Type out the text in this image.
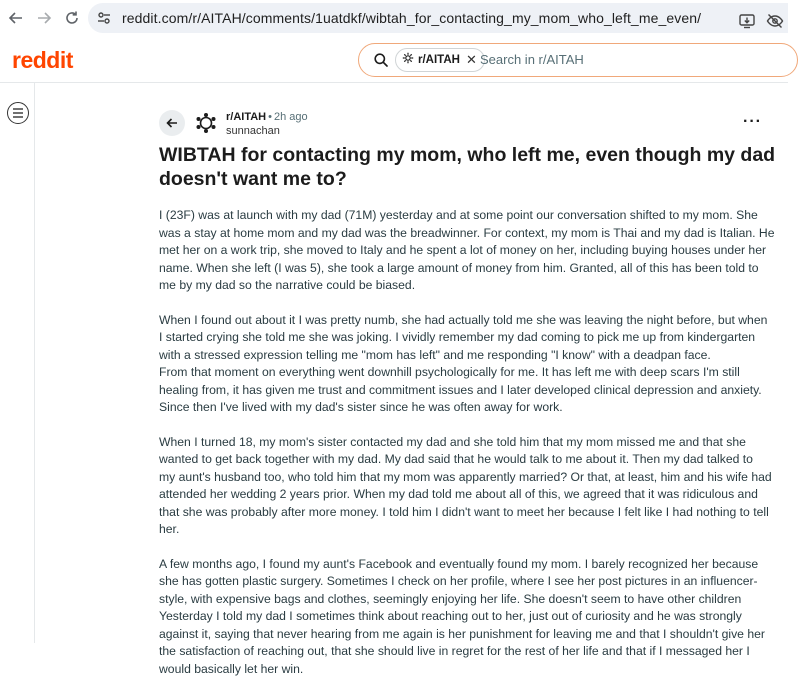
reddit.com/r/AITAH/comments/1uatdkf/wibtah_for_contacting_my_mom_who_left_me_even/
reddit	r/AITAH ✕ Search in r/AITAH
r/AITAH • 2h ago
sunnachan
···
WIBTAH for contacting my mom, who left me, even though my dad
doesn't want me to?

I (23F) was at launch with my dad (71M) yesterday and at some point our conversation shifted to my mom. She
was a stay at home mom and my dad was the breadwinner. For context, my mom is Thai and my dad is Italian. He
met her on a work trip, she moved to Italy and he spent a lot of money on her, including buying houses under her
name. When she left (I was 5), she took a large amount of money from him. Granted, all of this has been told to
me by my dad so the narrative could be biased.

When I found out about it I was pretty numb, she had actually told me she was leaving the night before, but when
I started crying she told me she was joking. I vividly remember my dad coming to pick me up from kindergarten
with a stressed expression telling me "mom has left" and me responding "I know" with a deadpan face.
From that moment on everything went downhill psychologically for me. It has left me with deep scars I'm still
healing from, it has given me trust and commitment issues and I later developed clinical depression and anxiety.
Since then I've lived with my dad's sister since he was often away for work.

When I turned 18, my mom's sister contacted my dad and she told him that my mom missed me and that she
wanted to get back together with my dad. My dad said that he would talk to me about it. Then my dad talked to
my aunt's husband too, who told him that my mom was apparently married? Or that, at least, him and his wife had
attended her wedding 2 years prior. When my dad told me about all of this, we agreed that it was ridiculous and
that she was probably after more money. I told him I didn't want to meet her because I felt like I had nothing to tell
her.

A few months ago, I found my aunt's Facebook and eventually found my mom. I barely recognized her because
she has gotten plastic surgery. Sometimes I check on her profile, where I see her post pictures in an influencer-
style, with expensive bags and clothes, seemingly enjoying her life. She doesn't seem to have other children
Yesterday I told my dad I sometimes think about reaching out to her, just out of curiosity and he was strongly
against it, saying that never hearing from me again is her punishment for leaving me and that I shouldn't give her
the satisfaction of reaching out, that she should live in regret for the rest of her life and that if I messaged her I
would basically let her win.
